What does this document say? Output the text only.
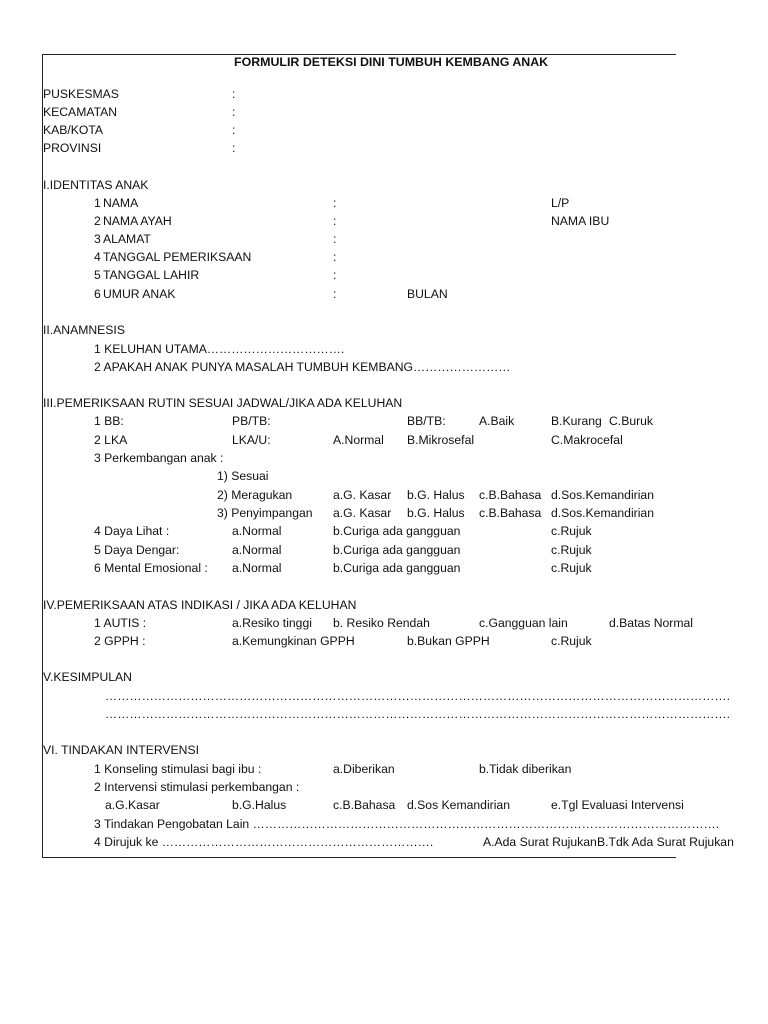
FORMULIR DETEKSI DINI TUMBUH KEMBANG ANAK
PUSKESMAS	:
KECAMATAN	:
KAB/KOTA	:
PROVINSI	:
I.IDENTITAS ANAK
1 NAMA	:	L/P
2 NAMA AYAH	:	NAMA IBU
3 ALAMAT	:
4 TANGGAL PEMERIKSAAN	:
5 TANGGAL LAHIR	:
6 UMUR ANAK	:	BULAN
II.ANAMNESIS
1 KELUHAN UTAMA…………………………….
2 APAKAH ANAK PUNYA MASALAH TUMBUH KEMBANG……………………
III.PEMERIKSAAN RUTIN SESUAI JADWAL/JIKA ADA KELUHAN
1 BB:	PB/TB:	BB/TB:	A.Baik	B.Kurang C.Buruk
2 LKA	LKA/U:	A.Normal B.Mikrosefal	C.Makrocefal
3 Perkembangan anak :
1) Sesuai
2) Meragukan	a.G. Kasar b.G. Halus c.B.Bahasa d.Sos.Kemandirian
3) Penyimpangan a.G. Kasar b.G. Halus c.B.Bahasa d.Sos.Kemandirian
4 Daya Lihat :	a.Normal	b.Curiga ada gangguan	c.Rujuk
5 Daya Dengar:	a.Normal	b.Curiga ada gangguan	c.Rujuk
6 Mental Emosional : a.Normal	b.Curiga ada gangguan	c.Rujuk
IV.PEMERIKSAAN ATAS INDIKASI / JIKA ADA KELUHAN
1 AUTIS :	a.Resiko tinggi b. Resiko Rendah	c.Gangguan lain	d.Batas Normal
2 GPPH :	a.Kemungkinan GPPH	b.Bukan GPPH	c.Rujuk
V.KESIMPULAN
……………………………………………………………………………………………………………………………………….
……………………………………………………………………………………………………………………………………….
VI. TINDAKAN INTERVENSI
1 Konseling stimulasi bagi ibu :	a.Diberikan	b.Tidak diberikan
2 Intervensi stimulasi perkembangan :
a.G.Kasar	b.G.Halus	c.B.Bahasa d.Sos Kemandirian	e.Tgl Evaluasi Intervensi
3 Tindakan Pengobatan Lain …………………………………………………………………………………………………….
4 Dirujuk ke ………………………………………………………….	A.Ada Surat Rujukan B.Tdk Ada Surat Rujukan
